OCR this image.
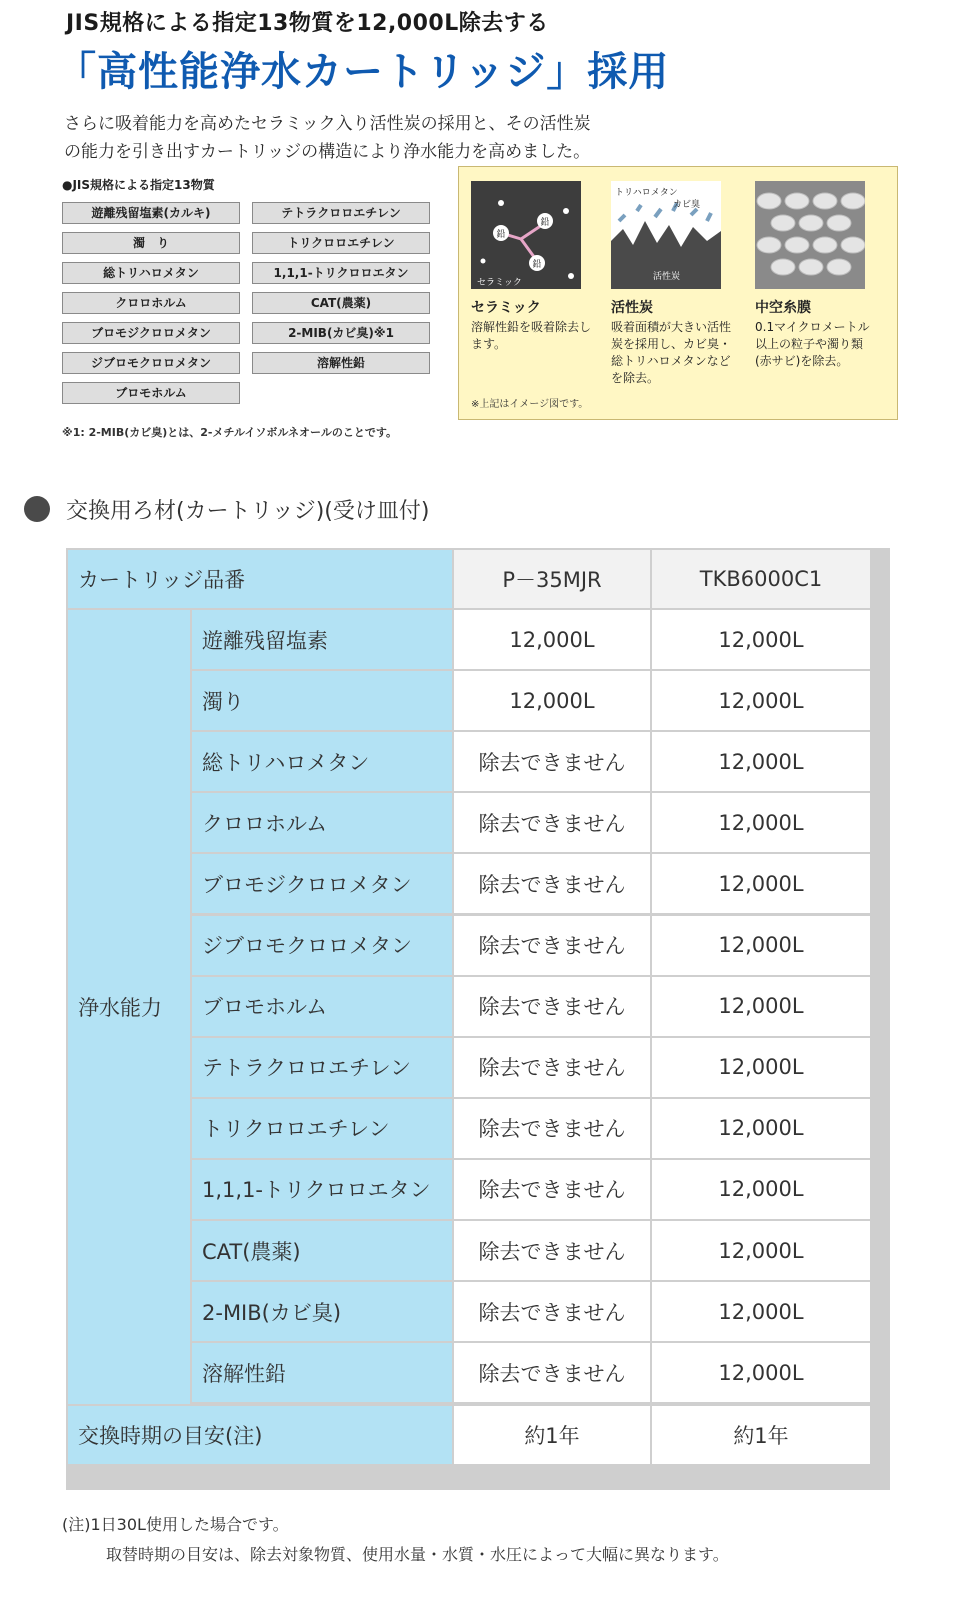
JIS規格による指定13物質を12,000L除去する
「高性能浄水カートリッジ」採用
さらに吸着能力を高めたセラミック入り活性炭の採用と、その活性炭
の能力を引き出すカートリッジの構造により浄水能力を高めました。
●JIS規格による指定13物質
遊離残留塩素(カルキ)
濁　り
総トリハロメタン
クロロホルム
ブロモジクロロメタン
ジブロモクロロメタン
ブロモホルム
テトラクロロエチレン
トリクロロエチレン
1,1,1-トリクロロエタン
CAT(農薬)
2-MIB(カビ臭)※1
溶解性鉛
※1: 2-MIB(カビ臭)とは、2-メチルイソボルネオールのことです。
鉛
鉛
鉛
セラミック
セラミック
溶解性鉛を吸着除去します。
トリハロメタン
カビ臭
活性炭
活性炭
吸着面積が大きい活性炭を採用し、カビ臭・総トリハロメタンなどを除去。
中空糸膜
0.1マイクロメートル以上の粒子や濁り類(赤サビ)を除去。
※上記はイメージ図です。
交換用ろ材(カートリッジ)(受け皿付)
カートリッジ品番	P－35MJR	TKB6000C1
浄水能力
遊離残留塩素	12,000L	12,000L
濁り	12,000L	12,000L
総トリハロメタン	除去できません	12,000L
クロロホルム	除去できません	12,000L
ブロモジクロロメタン	除去できません	12,000L
ジブロモクロロメタン	除去できません	12,000L
ブロモホルム	除去できません	12,000L
テトラクロロエチレン	除去できません	12,000L
トリクロロエチレン	除去できません	12,000L
1,1,1-トリクロロエタン	除去できません	12,000L
CAT(農薬)	除去できません	12,000L
2-MIB(カビ臭)	除去できません	12,000L
溶解性鉛	除去できません	12,000L
交換時期の目安(注)	約1年	約1年
(注)1日30L使用した場合です。
取替時期の目安は、除去対象物質、使用水量・水質・水圧によって大幅に異なります。
